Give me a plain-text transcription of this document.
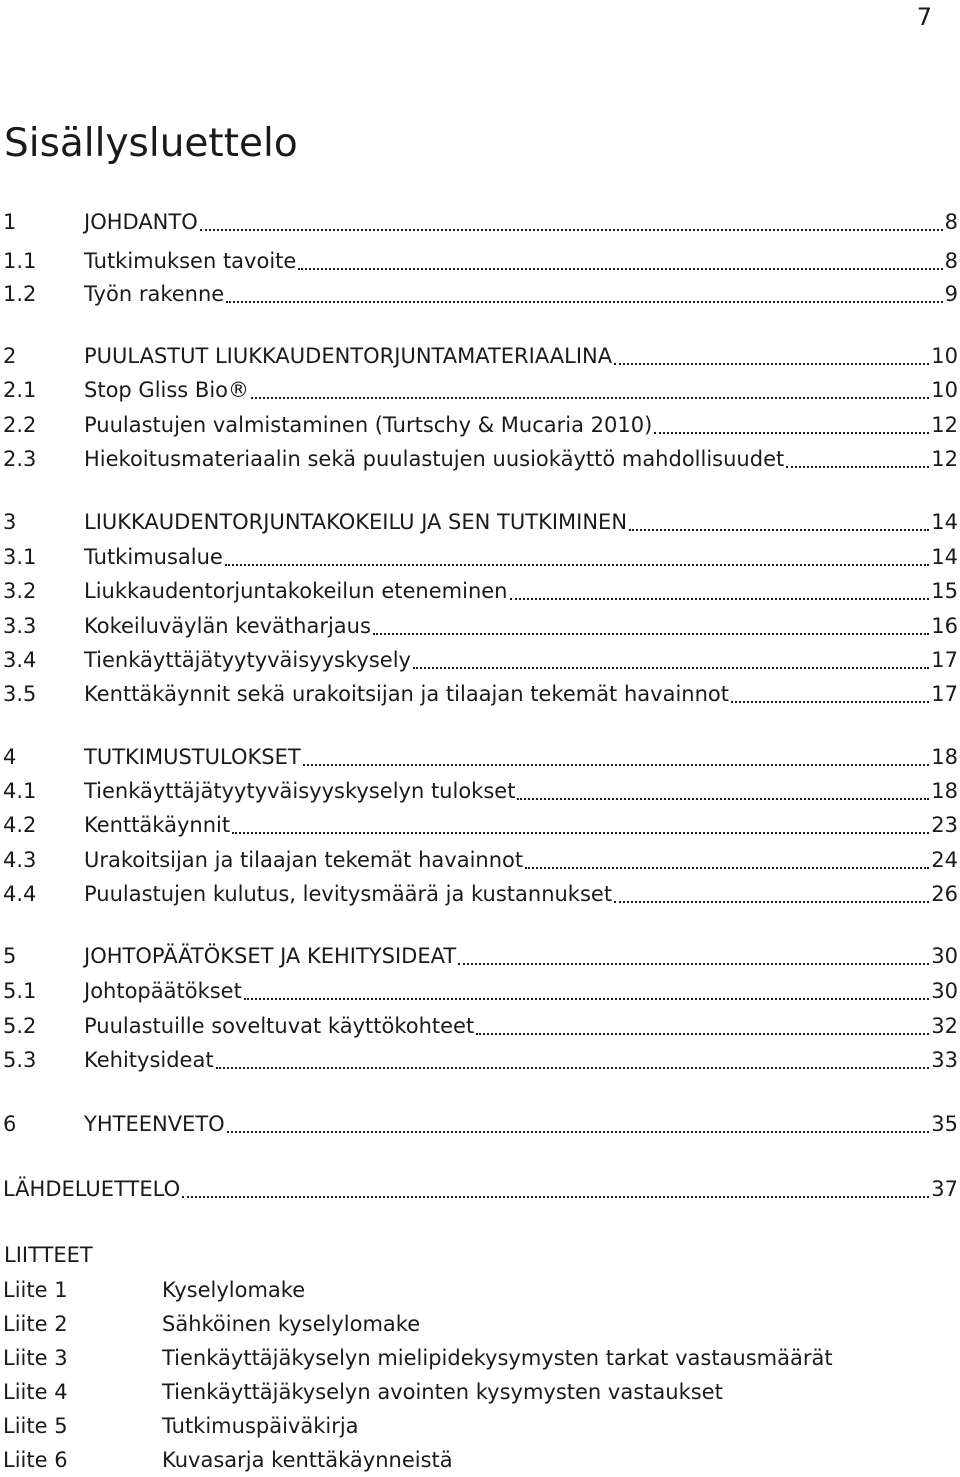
7
Sisällysluettelo
1	JOHDANTO	8
1.1	Tutkimuksen tavoite	8
1.2	Työn rakenne	9
2	PUULASTUT LIUKKAUDENTORJUNTAMATERIAALINA	10
2.1	Stop Gliss Bio®	10
2.2	Puulastujen valmistaminen (Turtschy & Mucaria 2010)	12
2.3	Hiekoitusmateriaalin sekä puulastujen uusiokäyttö mahdollisuudet	12
3	LIUKKAUDENTORJUNTAKOKEILU JA SEN TUTKIMINEN	14
3.1	Tutkimusalue	14
3.2	Liukkaudentorjuntakokeilun eteneminen	15
3.3	Kokeiluväylän kevätharjaus	16
3.4	Tienkäyttäjätyytyväisyyskysely	17
3.5	Kenttäkäynnit sekä urakoitsijan ja tilaajan tekemät havainnot	17
4	TUTKIMUSTULOKSET	18
4.1	Tienkäyttäjätyytyväisyyskyselyn tulokset	18
4.2	Kenttäkäynnit	23
4.3	Urakoitsijan ja tilaajan tekemät havainnot	24
4.4	Puulastujen kulutus, levitysmäärä ja kustannukset	26
5	JOHTOPÄÄTÖKSET JA KEHITYSIDEAT	30
5.1	Johtopäätökset	30
5.2	Puulastuille soveltuvat käyttökohteet	32
5.3	Kehitysideat	33
6	YHTEENVETO	35
LÄHDELUETTELO	37
LIITTEET
Liite 1	Kyselylomake
Liite 2	Sähköinen kyselylomake
Liite 3	Tienkäyttäjäkyselyn mielipidekysymysten tarkat vastausmäärät
Liite 4	Tienkäyttäjäkyselyn avointen kysymysten vastaukset
Liite 5	Tutkimuspäiväkirja
Liite 6	Kuvasarja kenttäkäynneistä
